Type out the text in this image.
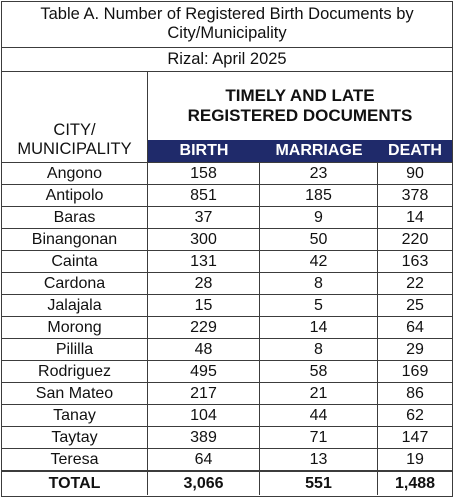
Table A. Number of Registered Birth Documents by City/Municipality
Rizal: April 2025
CITY/ MUNICIPALITY
TIMELY AND LATE REGISTERED DOCUMENTS
BIRTH	MARRIAGE	DEATH
Angono	158	23	90
Antipolo	851	185	378
Baras	37	9	14
Binangonan	300	50	220
Cainta	131	42	163
Cardona	28	8	22
Jalajala	15	5	25
Morong	229	14	64
Pililla	48	8	29
Rodriguez	495	58	169
San Mateo	217	21	86
Tanay	104	44	62
Taytay	389	71	147
Teresa	64	13	19
TOTAL	3,066	551	1,488
